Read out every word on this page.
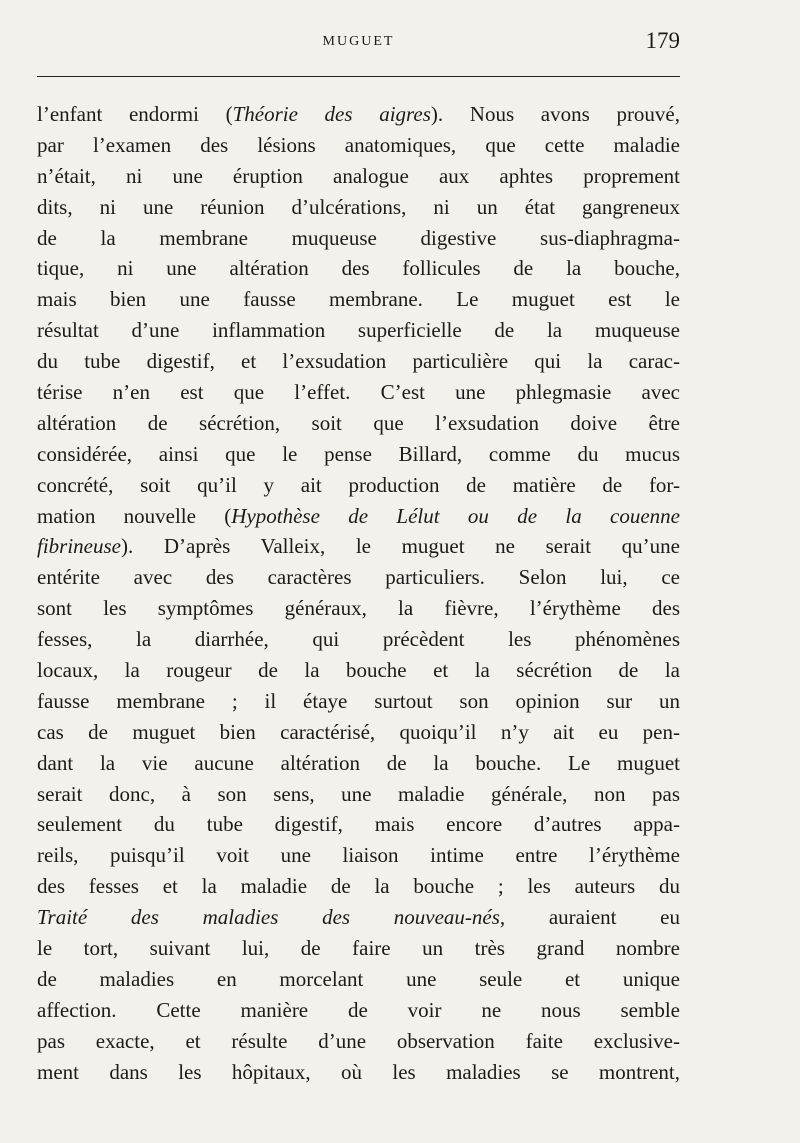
MUGUET	179
l’enfant endormi (Théorie des aigres). Nous avons prouvé,
par l’examen des lésions anatomiques, que cette maladie
n’était, ni une éruption analogue aux aphtes proprement
dits, ni une réunion d’ulcérations, ni un état gangreneux
de la membrane muqueuse digestive sus-diaphragma-
tique, ni une altération des follicules de la bouche,
mais bien une fausse membrane. Le muguet est le
résultat d’une inflammation superficielle de la muqueuse
du tube digestif, et l’exsudation particulière qui la carac-
térise n’en est que l’effet. C’est une phlegmasie avec
altération de sécrétion, soit que l’exsudation doive être
considérée, ainsi que le pense Billard, comme du mucus
concrété, soit qu’il y ait production de matière de for-
mation nouvelle (Hypothèse de Lélut ou de la couenne
fibrineuse). D’après Valleix, le muguet ne serait qu’une
entérite avec des caractères particuliers. Selon lui, ce
sont les symptômes généraux, la fièvre, l’érythème des
fesses, la diarrhée, qui précèdent les phénomènes
locaux, la rougeur de la bouche et la sécrétion de la
fausse membrane ; il étaye surtout son opinion sur un
cas de muguet bien caractérisé, quoiqu’il n’y ait eu pen-
dant la vie aucune altération de la bouche. Le muguet
serait donc, à son sens, une maladie générale, non pas
seulement du tube digestif, mais encore d’autres appa-
reils, puisqu’il voit une liaison intime entre l’érythème
des fesses et la maladie de la bouche ; les auteurs du
Traité des maladies des nouveau-nés, auraient eu
le tort, suivant lui, de faire un très grand nombre
de maladies en morcelant une seule et unique
affection. Cette manière de voir ne nous semble
pas exacte, et résulte d’une observation faite exclusive-
ment dans les hôpitaux, où les maladies se montrent,
